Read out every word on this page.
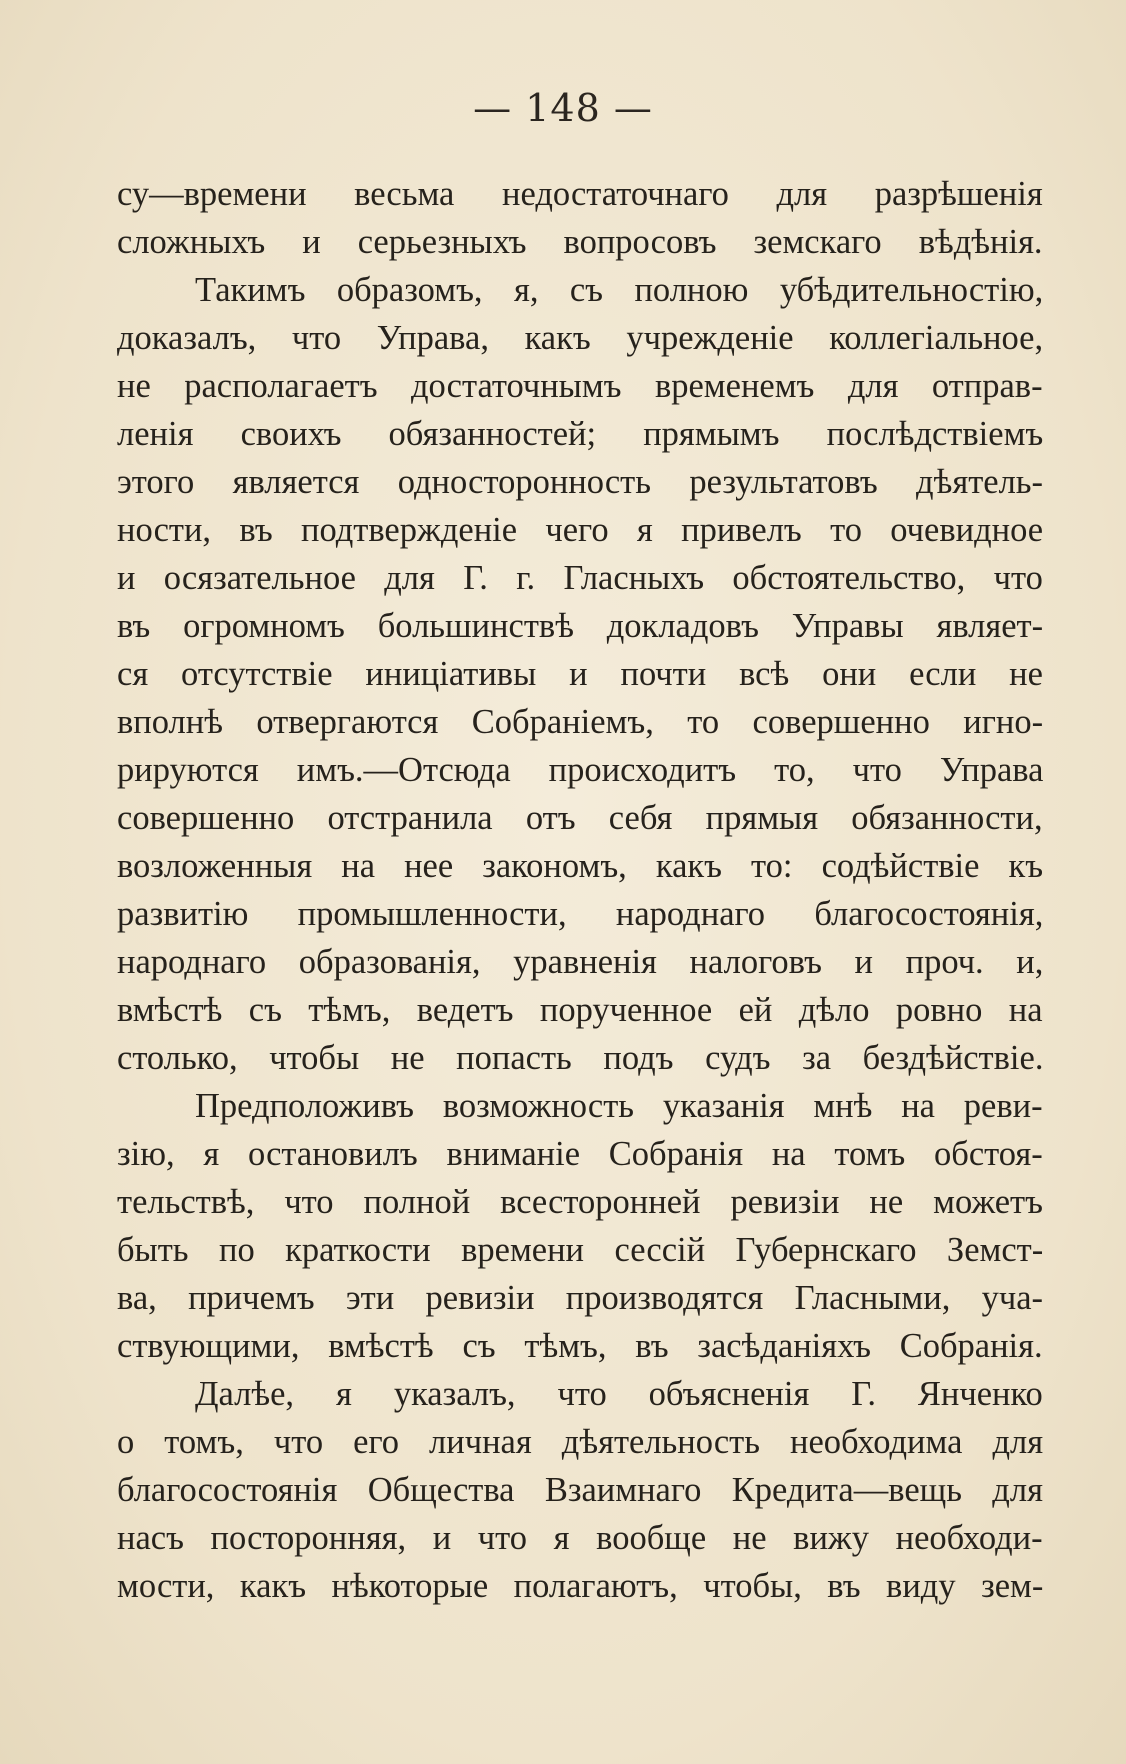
— 148 —
су—времени весьма недостаточнаго для разрѣшенія
сложныхъ и серьезныхъ вопросовъ земскаго вѣдѣнія.
Такимъ образомъ, я, съ полною убѣдительностію,
доказалъ, что Управа, какъ учрежденіе коллегіальное,
не располагаетъ достаточнымъ временемъ для отправ-
ленія своихъ обязанностей; прямымъ послѣдствіемъ
этого является односторонность результатовъ дѣятель-
ности, въ подтвержденіе чего я привелъ то очевидное
и осязательное для Г. г. Гласныхъ обстоятельство, что
въ огромномъ большинствѣ докладовъ Управы являет-
ся отсутствіе иниціативы и почти всѣ они если не
вполнѣ отвергаются Собраніемъ, то совершенно игно-
рируются имъ.—Отсюда происходитъ то, что Управа
совершенно отстранила отъ себя прямыя обязанности,
возложенныя на нее закономъ, какъ то: содѣйствіе къ
развитію промышленности, народнаго благосостоянія,
народнаго образованія, уравненія налоговъ и проч. и,
вмѣстѣ съ тѣмъ, ведетъ порученное ей дѣло ровно на
столько, чтобы не попасть подъ судъ за бездѣйствіе.
Предположивъ возможность указанія мнѣ на реви-
зію, я остановилъ вниманіе Собранія на томъ обстоя-
тельствѣ, что полной всесторонней ревизіи не можетъ
быть по краткости времени сессій Губернскаго Земст-
ва, причемъ эти ревизіи производятся Гласными, уча-
ствующими, вмѣстѣ съ тѣмъ, въ засѣданіяхъ Собранія.
Далѣе, я указалъ, что объясненія Г. Янченко
о томъ, что его личная дѣятельность необходима для
благосостоянія Общества Взаимнаго Кредита—вещь для
насъ посторонняя, и что я вообще не вижу необходи-
мости, какъ нѣкоторые полагаютъ, чтобы, въ виду зем-
